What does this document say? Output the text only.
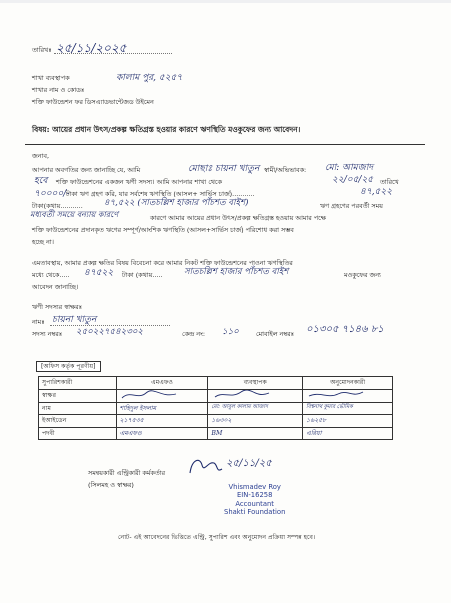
তারিখঃ ২৫/১১/২০২৫
শাখা ব্যবস্থাপক
শাখার নাম ও কোডঃ
কালাম পুর, ৫২৫৭
শক্তি ফাউন্ডেশন ফর ডিসএ্যাডভান্টেজড উইমেন
বিষয়: আয়ের প্রধান উৎস/প্রকল্প ক্ষতিগ্রস্ত হওয়ার কারণে ঋণস্থিতি মওকুফের জন্য আবেদন।
জনাব,
আপনার অবগতির জন্য জানাচ্ছি যে, আমি	মোছাঃ চায়না খাতুন স্বামী/অভিভাবক: মো: আমজাদ
হবে শক্তি ফাউন্ডেশনের একজন ঋণী সদস্য। আমি আপনার শাখা থেকে	২২/০৫/২৫ তারিখে
৭০০০০/-
টাকা ঋণ গ্রহণ করি, যার সর্বশেষ ঋণস্থিতি (আসল+ সার্ভিস চার্জ)...........	৪৭,৫২২
টাকা(কথায়........... ৪৭,৫২২ (সাতচল্লিশ হাজার পাঁচশত বাইশ)	ঋণ গ্রহণের পরবর্তী সময়
মধ্যবর্তী সময়ে বন্যায় কারণে	কারণে আমার আয়ের প্রধান উৎস/প্রকল্প ক্ষতিগ্রস্ত হওয়ায় আমার পক্ষে
শক্তি ফাউন্ডেশনের প্রদানকৃত ঋণের সম্পূর্ণ/আংশিক ঋণস্থিতি (আসল+সার্ভিস চার্জ) পরিশোধ করা সম্ভব
হচ্ছে না।
এমতাবস্থায়, আমার প্রকল্প ক্ষতির বিষয় বিবেচনা করে আমার নিকট শক্তি ফাউন্ডেশনের পাওনা ঋণস্থিতির
মধ্যে থেকে..... ৪৭৫২২ টাকা (কথায়..... সাতচল্লিশ হাজার পাঁচশত বাইশ	মওকুফের জন্য
আবেদন জানাচ্ছি।
ঋণী সদস্যর স্বাক্ষরঃ
নামঃ চায়না খাতুন
সদস্য নম্বরঃ ২৫০২২৭৫৪২৩০২	কেন্দ্র নং: ১১০	মোবাইল নম্বরঃ ০১৩০৫ ৭১৪৬ ৮১
[অফিস কর্তৃক পূরণীয়]
সুপারিশকারী	এমএফও	ব্যবস্থাপক	অনুমোদনকারী
স্বাক্ষর			
নাম	শাহিদুল ইসলাম	মো: আবুল কালাম আজাদ	বিশ্বনাথ কুমার ভৌমিক
ইআইডেন	২১৭৫৩৫	১৬৩০২	১৬২৫৮
পদবী	এমএফও	BM	এরিয়া
২৫/১১/২৫
সমন্বয়কারী এন্ট্রিকারী কর্মকর্তার
(সিলমহ ও স্বাক্ষর)	Vhismadev Roy
EIN-16258
Accountant
Shakti Foundation
নোট- এই আবেদনের ভিত্তিতে এন্ট্রি, সুপারিশ এবং অনুমোদন প্রক্রিয়া সম্পন্ন হবে।
